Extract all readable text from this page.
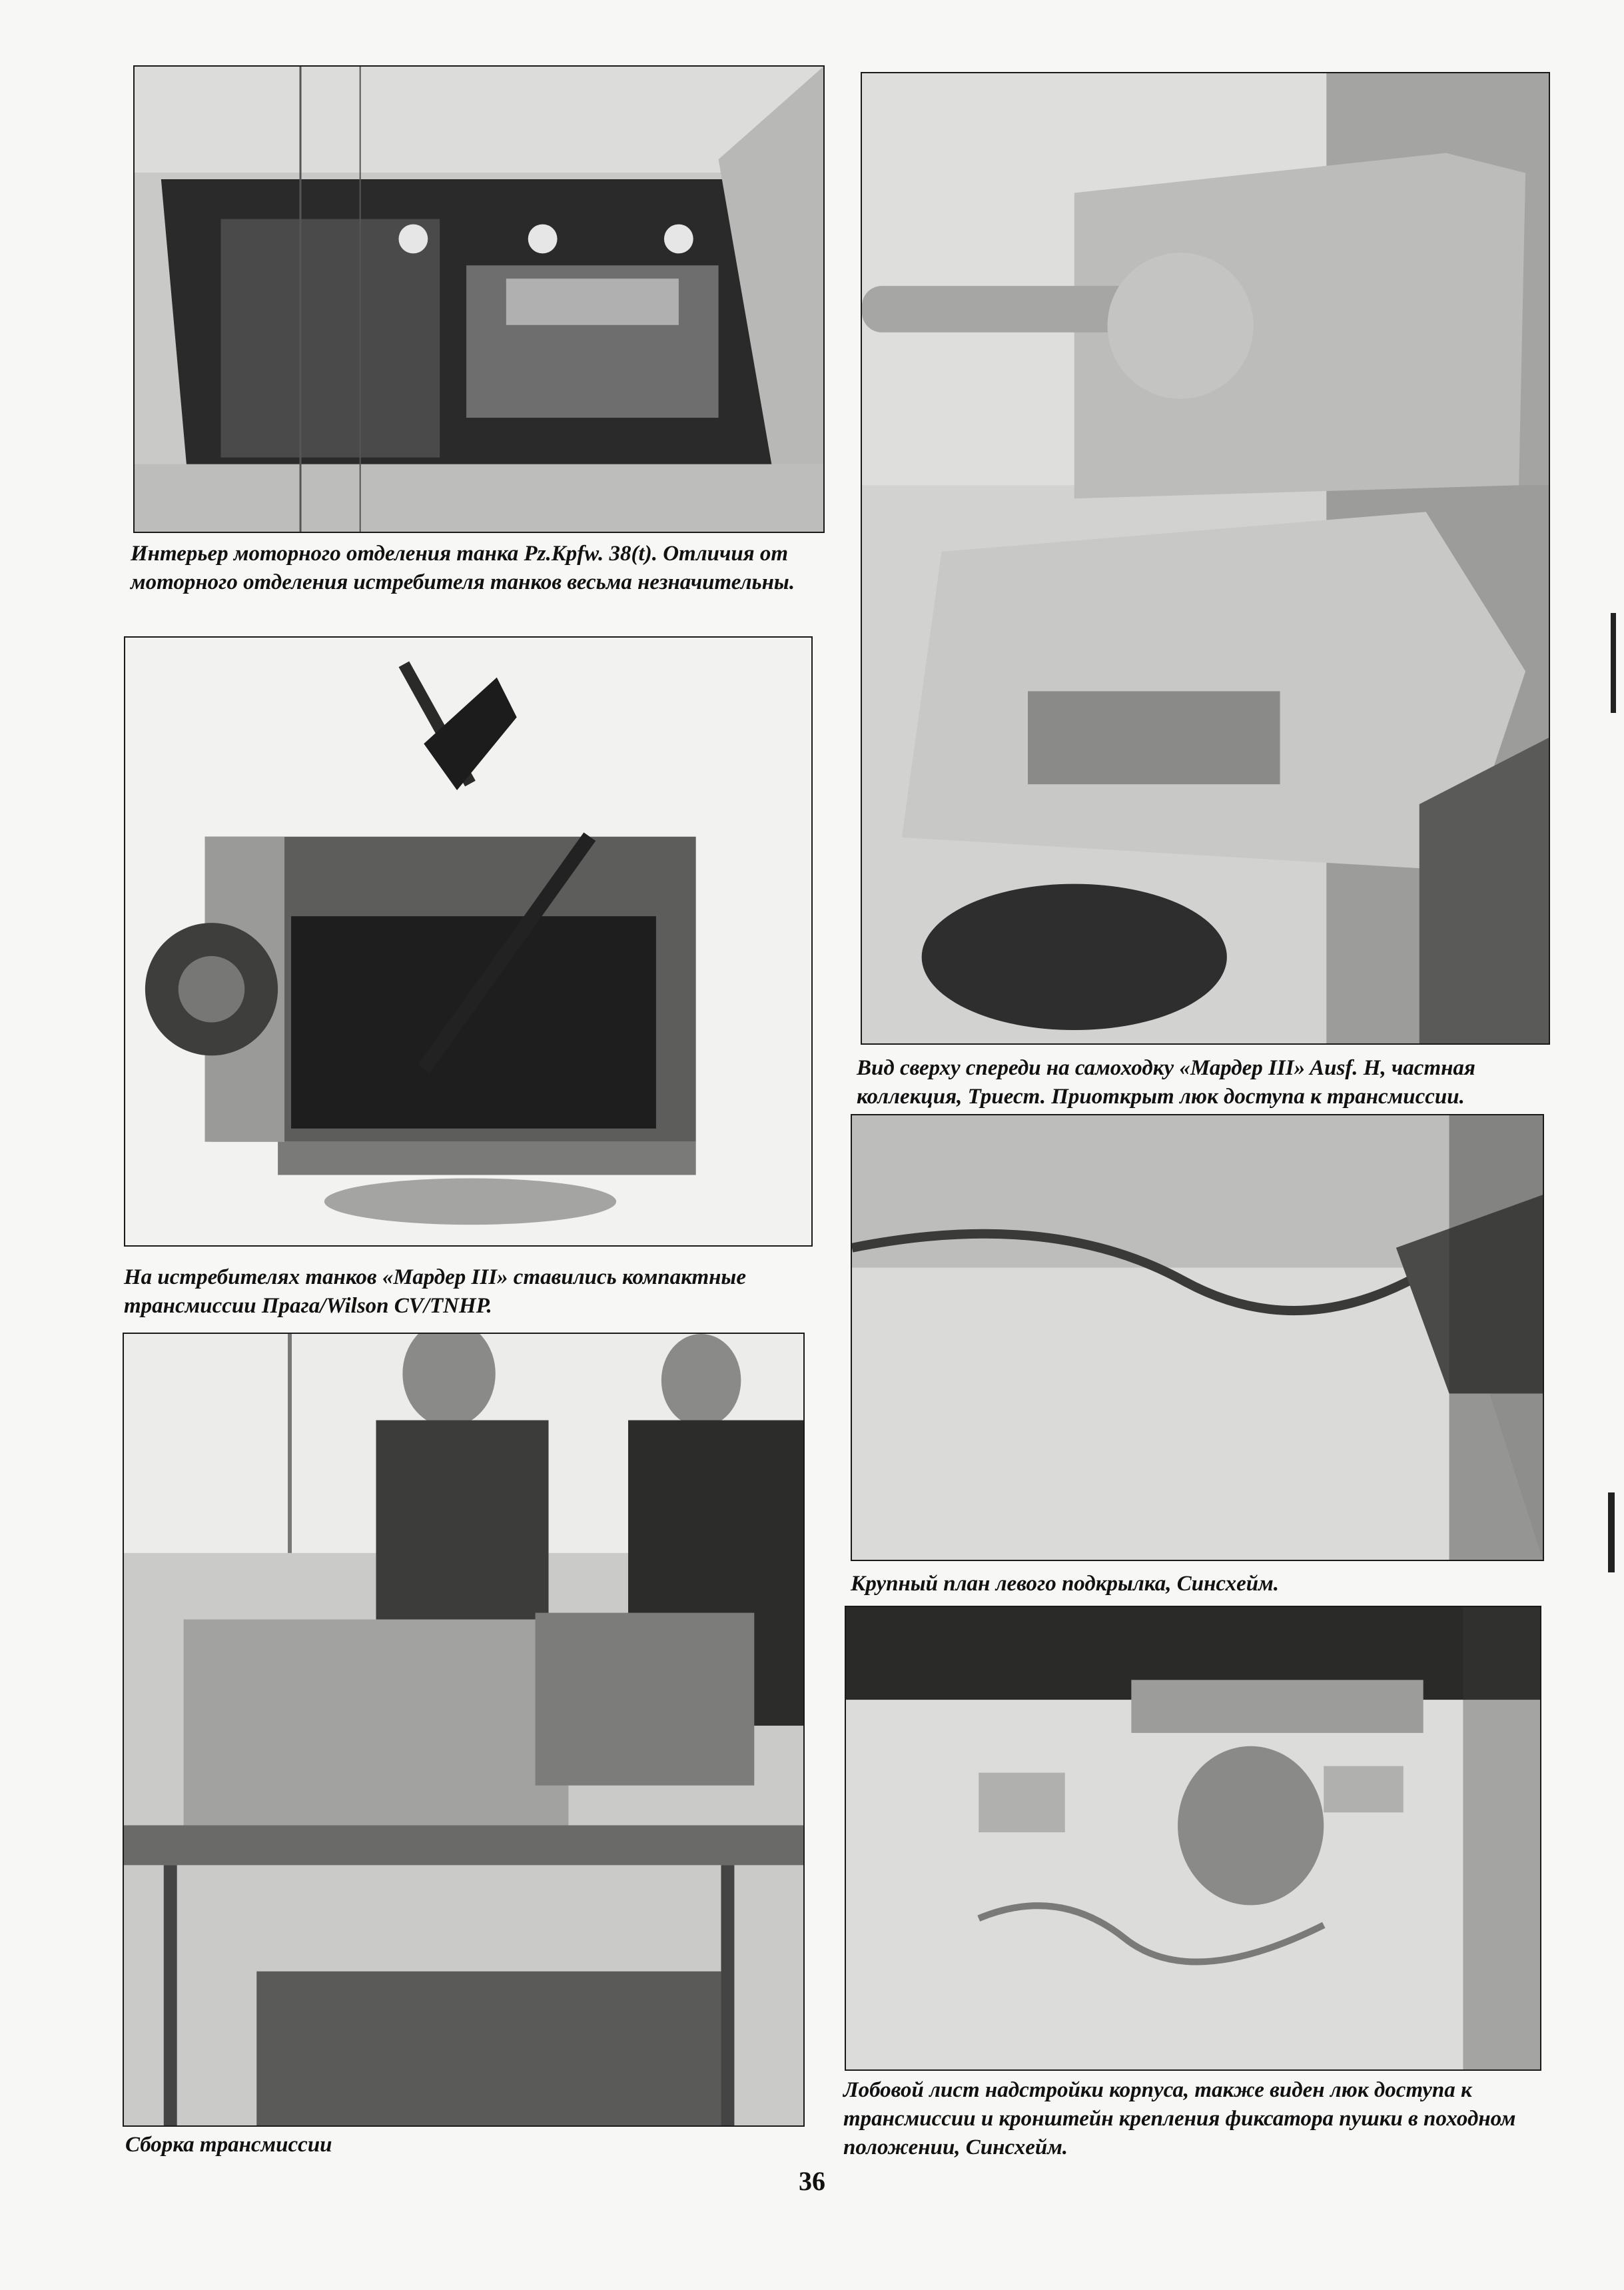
Интерьер моторного отделения танка Pz.Kpfw. 38(t). Отличия от моторного отделения истребителя танков весьма незначительны.

Вид сверху спереди на самоходку «Мардер III» Ausf. H, частная коллекция, Триест. Приоткрыт люк доступа к трансмиссии.

На истребителях танков «Мардер III» ставились компактные трансмиссии Прага/Wilson CV/TNHP.

Крупный план левого подкрылка, Синсхейм.

Сборка трансмиссии

Лобовой лист надстройки корпуса, также виден люк доступа к трансмиссии и кронштейн крепления фиксатора пушки в походном положении, Синсхейм.

36
